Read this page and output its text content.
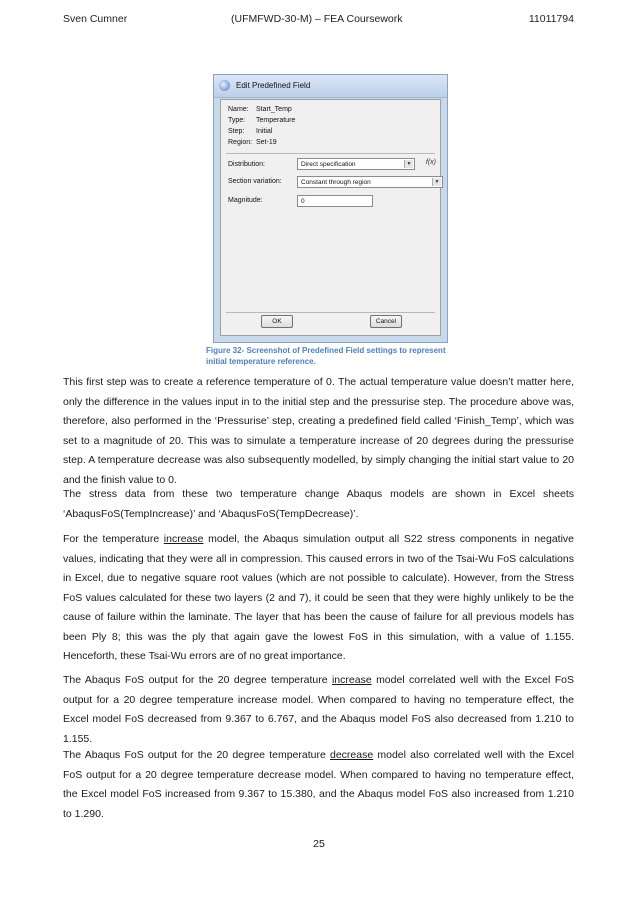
Sven Cumner	(UFMFWD-30-M) – FEA Coursework	11011794
Edit Predefined Field
Name: Start_Temp
Type: Temperature
Step: Initial
Region: Set-19
Distribution:	Direct specification	▼ f(x)
Section variation:	Constant through region	▼
Magnitude:	0
OK	Cancel
Figure 32- Screenshot of Predefined Field settings to represent initial temperature reference.

This first step was to create a reference temperature of 0. The actual temperature value doesn’t matter here, only the difference in the values input in to the initial step and the pressurise step. The procedure above was, therefore, also performed in the ‘Pressurise’ step, creating a predefined field called ‘Finish_Temp’, which was set to a magnitude of 20. This was to simulate a temperature increase of 20 degrees during the pressurise step. A temperature decrease was also subsequently modelled, by simply changing the initial start value to 20 and the finish value to 0.

The stress data from these two temperature change Abaqus models are shown in Excel sheets ‘AbaqusFoS(TempIncrease)’ and ‘AbaqusFoS(TempDecrease)’.

For the temperature increase model, the Abaqus simulation output all S22 stress components in negative values, indicating that they were all in compression. This caused errors in two of the Tsai-Wu FoS calculations in Excel, due to negative square root values (which are not possible to calculate). However, from the Stress FoS values calculated for these two layers (2 and 7), it could be seen that they were highly unlikely to be the cause of failure within the laminate. The layer that has been the cause of failure for all previous models has been Ply 8; this was the ply that again gave the lowest FoS in this simulation, with a value of 1.155. Henceforth, these Tsai-Wu errors are of no great importance.

The Abaqus FoS output for the 20 degree temperature increase model correlated well with the Excel FoS output for a 20 degree temperature increase model. When compared to having no temperature effect, the Excel model FoS decreased from 9.367 to 6.767, and the Abaqus model FoS also decreased from 1.210 to 1.155.

The Abaqus FoS output for the 20 degree temperature decrease model also correlated well with the Excel FoS output for a 20 degree temperature decrease model. When compared to having no temperature effect, the Excel model FoS increased from 9.367 to 15.380, and the Abaqus model FoS also increased from 1.210 to 1.290.

25
